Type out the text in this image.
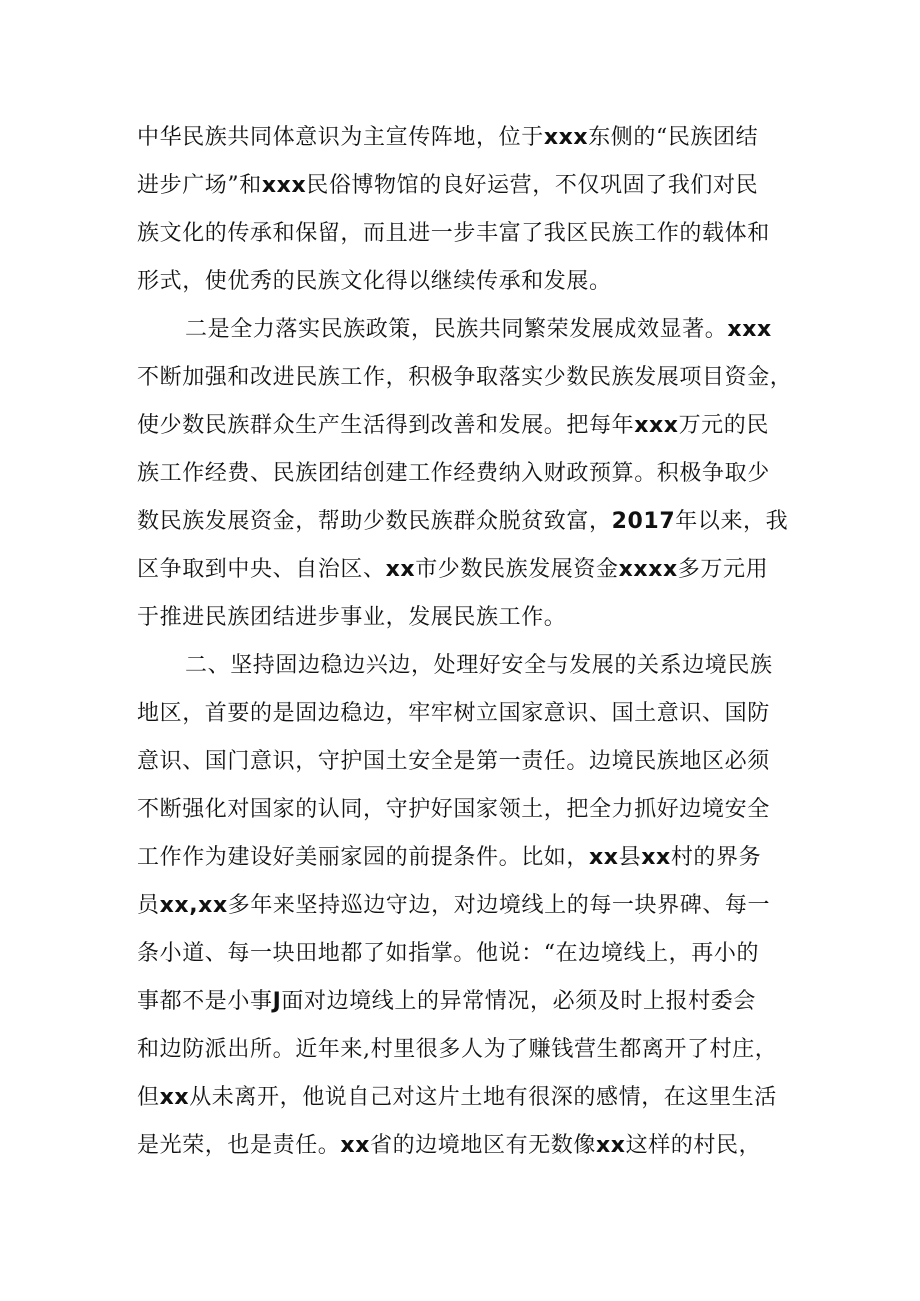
中华民族共同体意识为主宣传阵地，位于xxx东侧的“民族团结
进步广场”和xxx民俗博物馆的良好运营，不仅巩固了我们对民
族文化的传承和保留，而且进一步丰富了我区民族工作的载体和
形式，使优秀的民族文化得以继续传承和发展。
二是全力落实民族政策，民族共同繁荣发展成效显著。xxx
不断加强和改进民族工作，积极争取落实少数民族发展项目资金，
使少数民族群众生产生活得到改善和发展。把每年xxx万元的民
族工作经费、民族团结创建工作经费纳入财政预算。积极争取少
数民族发展资金，帮助少数民族群众脱贫致富，2017年以来，我
区争取到中央、自治区、xx市少数民族发展资金xxxx多万元用
于推进民族团结进步事业，发展民族工作。
二、坚持固边稳边兴边，处理好安全与发展的关系边境民族
地区，首要的是固边稳边，牢牢树立国家意识、国土意识、国防
意识、国门意识，守护国土安全是第一责任。边境民族地区必须
不断强化对国家的认同，守护好国家领土，把全力抓好边境安全
工作作为建设好美丽家园的前提条件。比如，xx县xx村的界务
员xx,xx多年来坚持巡边守边，对边境线上的每一块界碑、每一
条小道、每一块田地都了如指掌。他说：“在边境线上，再小的
事都不是小事J面对边境线上的异常情况，必须及时上报村委会
和边防派出所。近年来,村里很多人为了赚钱营生都离开了村庄，
但xx从未离开，他说自己对这片土地有很深的感情，在这里生活
是光荣，也是责任。xx省的边境地区有无数像xx这样的村民，
